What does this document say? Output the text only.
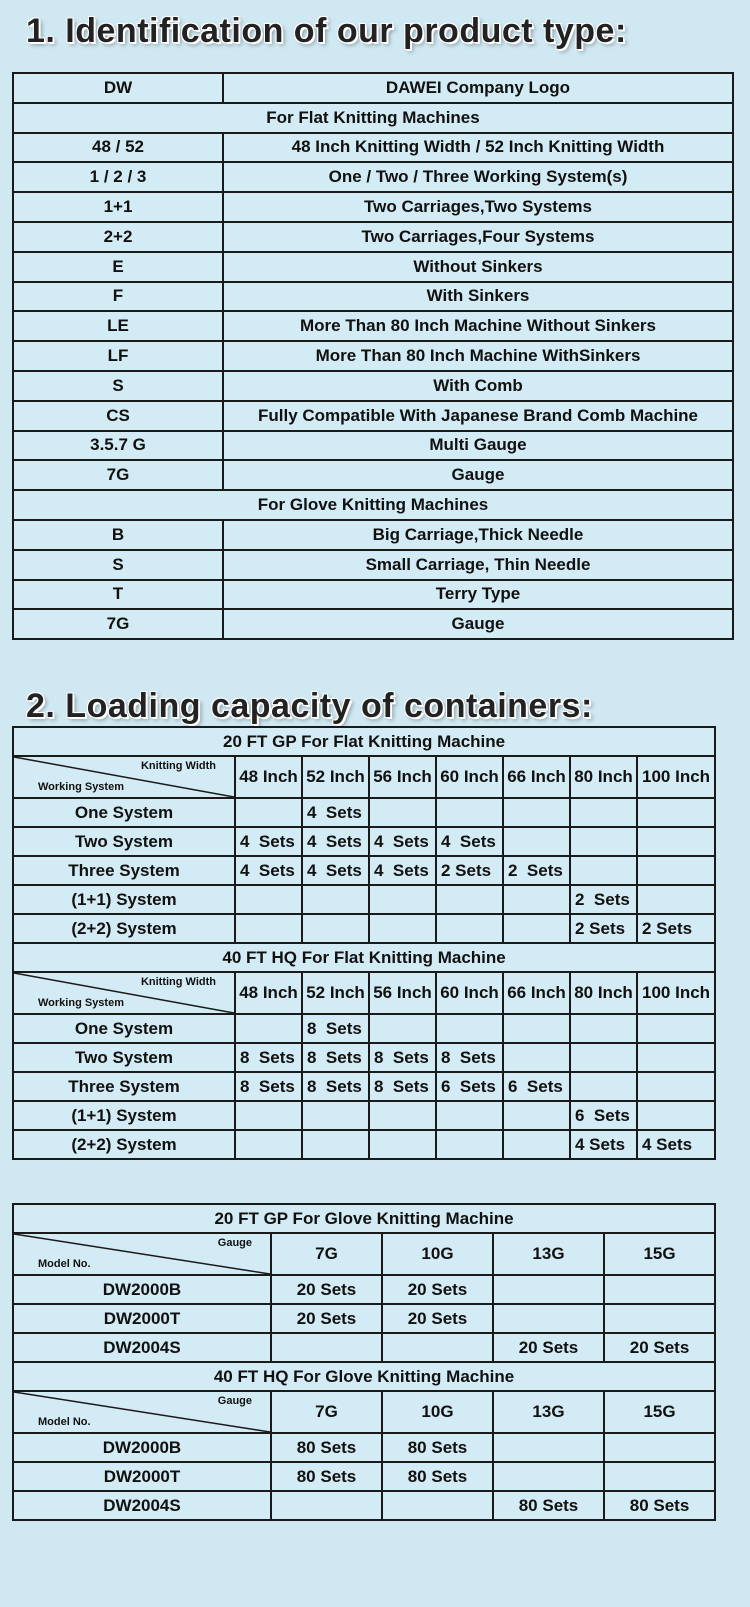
1. Identification of our product type:
DW	DAWEI Company Logo
For Flat Knitting Machines	
48 / 52	48 Inch Knitting Width / 52 Inch Knitting Width
1 / 2 / 3	One / Two / Three Working System(s)
1+1	Two Carriages,Two Systems
2+2	Two Carriages,Four Systems
E	Without Sinkers
F	With Sinkers
LE	More Than 80 Inch Machine Without Sinkers
LF	More Than 80 Inch Machine WithSinkers
S	With Comb
CS	Fully Compatible With Japanese Brand Comb Machine
3.5.7 G	Multi Gauge
7G	Gauge
For Glove Knitting Machines	
B	Big Carriage,Thick Needle
S	Small Carriage, Thin Needle
T	Terry Type
7G	Gauge
2. Loading capacity of containers:
20 FT GP For Flat Knitting Machine							

Knitting Width
Working System	48 Inch	52 Inch	56 Inch	60 Inch	66 Inch	80 Inch	100 Inch
One System		4  Sets					
Two System	4  Sets	4  Sets	4  Sets	4  Sets			
Three System	4  Sets	4  Sets	4  Sets	2 Sets	2  Sets		
(1+1) System						2  Sets	
(2+2) System						2 Sets	2 Sets
40 FT HQ For Flat Knitting Machine							

Knitting Width
Working System	48 Inch	52 Inch	56 Inch	60 Inch	66 Inch	80 Inch	100 Inch
One System		8  Sets					
Two System	8  Sets	8  Sets	8  Sets	8  Sets			
Three System	8  Sets	8  Sets	8  Sets	6  Sets	6  Sets		
(1+1) System						6  Sets	
(2+2) System						4 Sets	4 Sets
20 FT GP For Glove Knitting Machine				

Gauge
Model No.	7G	10G	13G	15G
DW2000B	20 Sets	20 Sets		
DW2000T	20 Sets	20 Sets		
DW2004S			20 Sets	20 Sets
40 FT HQ For Glove Knitting Machine				

Gauge
Model No.	7G	10G	13G	15G
DW2000B	80 Sets	80 Sets		
DW2000T	80 Sets	80 Sets		
DW2004S			80 Sets	80 Sets
